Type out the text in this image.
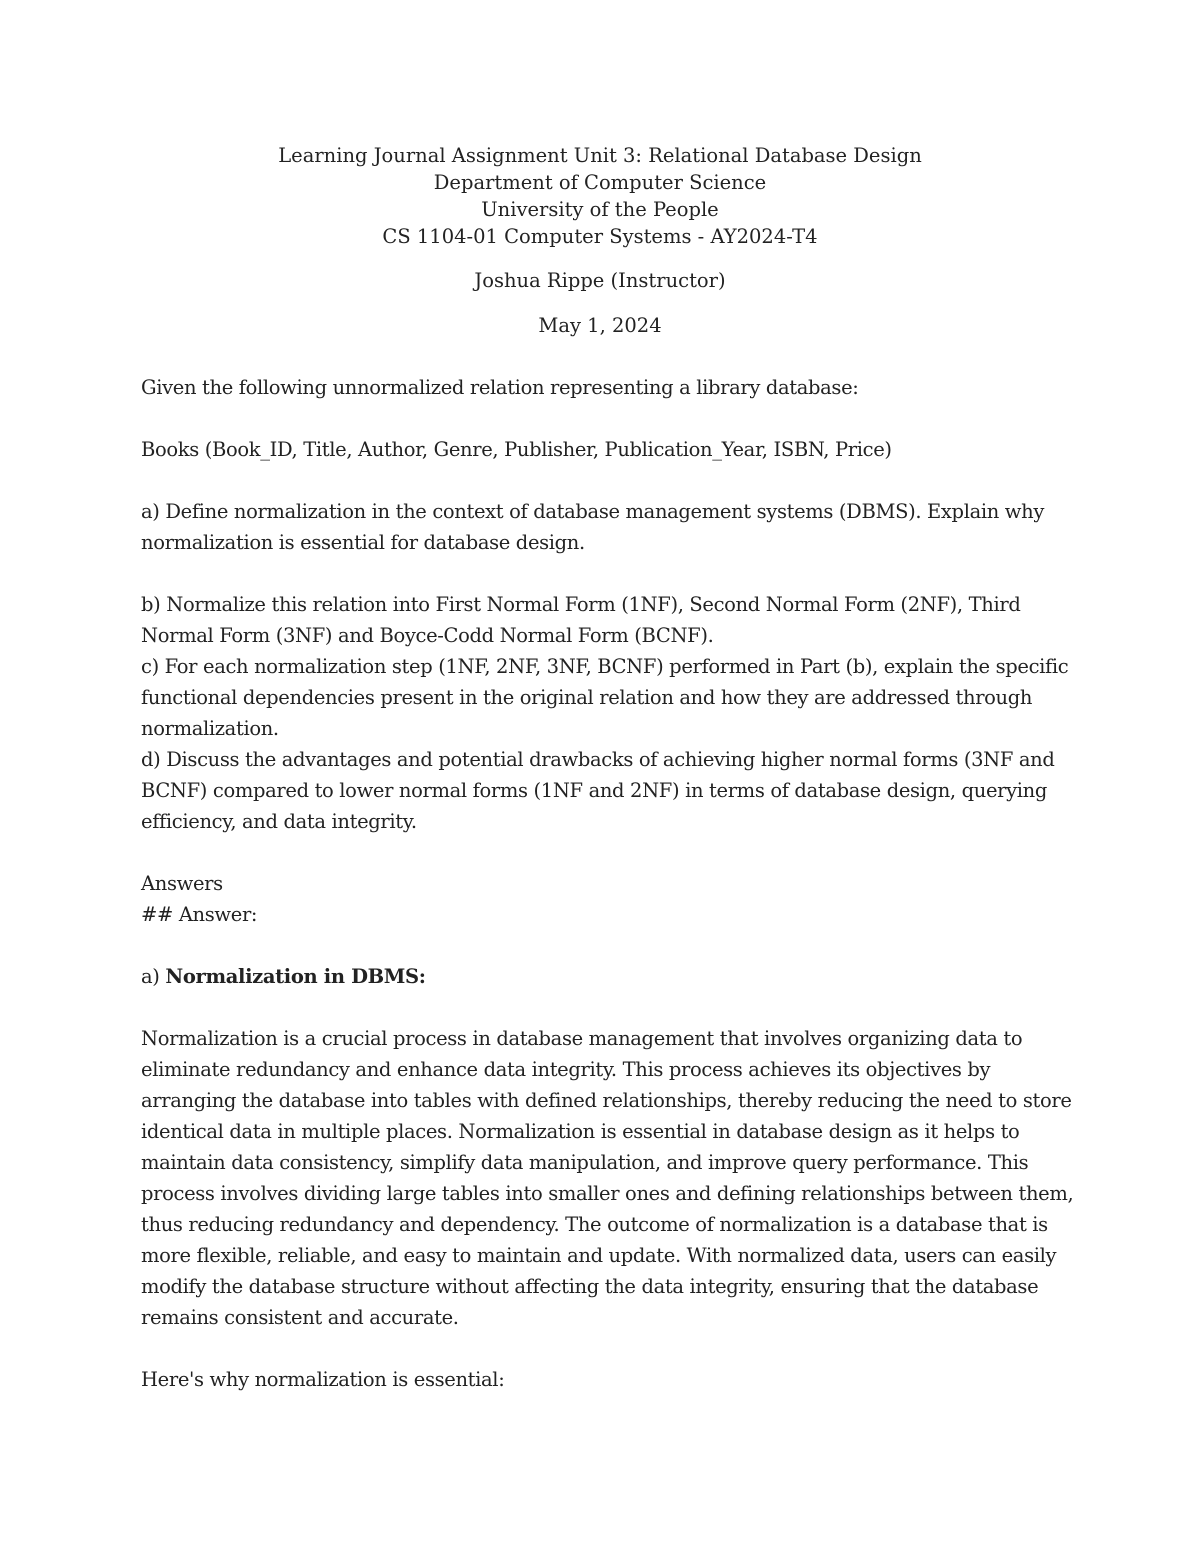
Learning Journal Assignment Unit 3: Relational Database Design
Department of Computer Science
University of the People
CS 1104-01 Computer Systems - AY2024-T4
Joshua Rippe (Instructor)
May 1, 2024

Given the following unnormalized relation representing a library database:

Books (Book_ID, Title, Author, Genre, Publisher, Publication_Year, ISBN, Price)

a) Define normalization in the context of database management systems (DBMS). Explain why normalization is essential for database design.

b) Normalize this relation into First Normal Form (1NF), Second Normal Form (2NF), Third Normal Form (3NF) and Boyce-Codd Normal Form (BCNF).

c) For each normalization step (1NF, 2NF, 3NF, BCNF) performed in Part (b), explain the specific functional dependencies present in the original relation and how they are addressed through normalization.

d) Discuss the advantages and potential drawbacks of achieving higher normal forms (3NF and BCNF) compared to lower normal forms (1NF and 2NF) in terms of database design, querying efficiency, and data integrity.

Answers

## Answer:

a) Normalization in DBMS:

Normalization is a crucial process in database management that involves organizing data to eliminate redundancy and enhance data integrity. This process achieves its objectives by arranging the database into tables with defined relationships, thereby reducing the need to store identical data in multiple places. Normalization is essential in database design as it helps to maintain data consistency, simplify data manipulation, and improve query performance. This process involves dividing large tables into smaller ones and defining relationships between them, thus reducing redundancy and dependency. The outcome of normalization is a database that is more flexible, reliable, and easy to maintain and update. With normalized data, users can easily modify the database structure without affecting the data integrity, ensuring that the database remains consistent and accurate.

Here's why normalization is essential:
